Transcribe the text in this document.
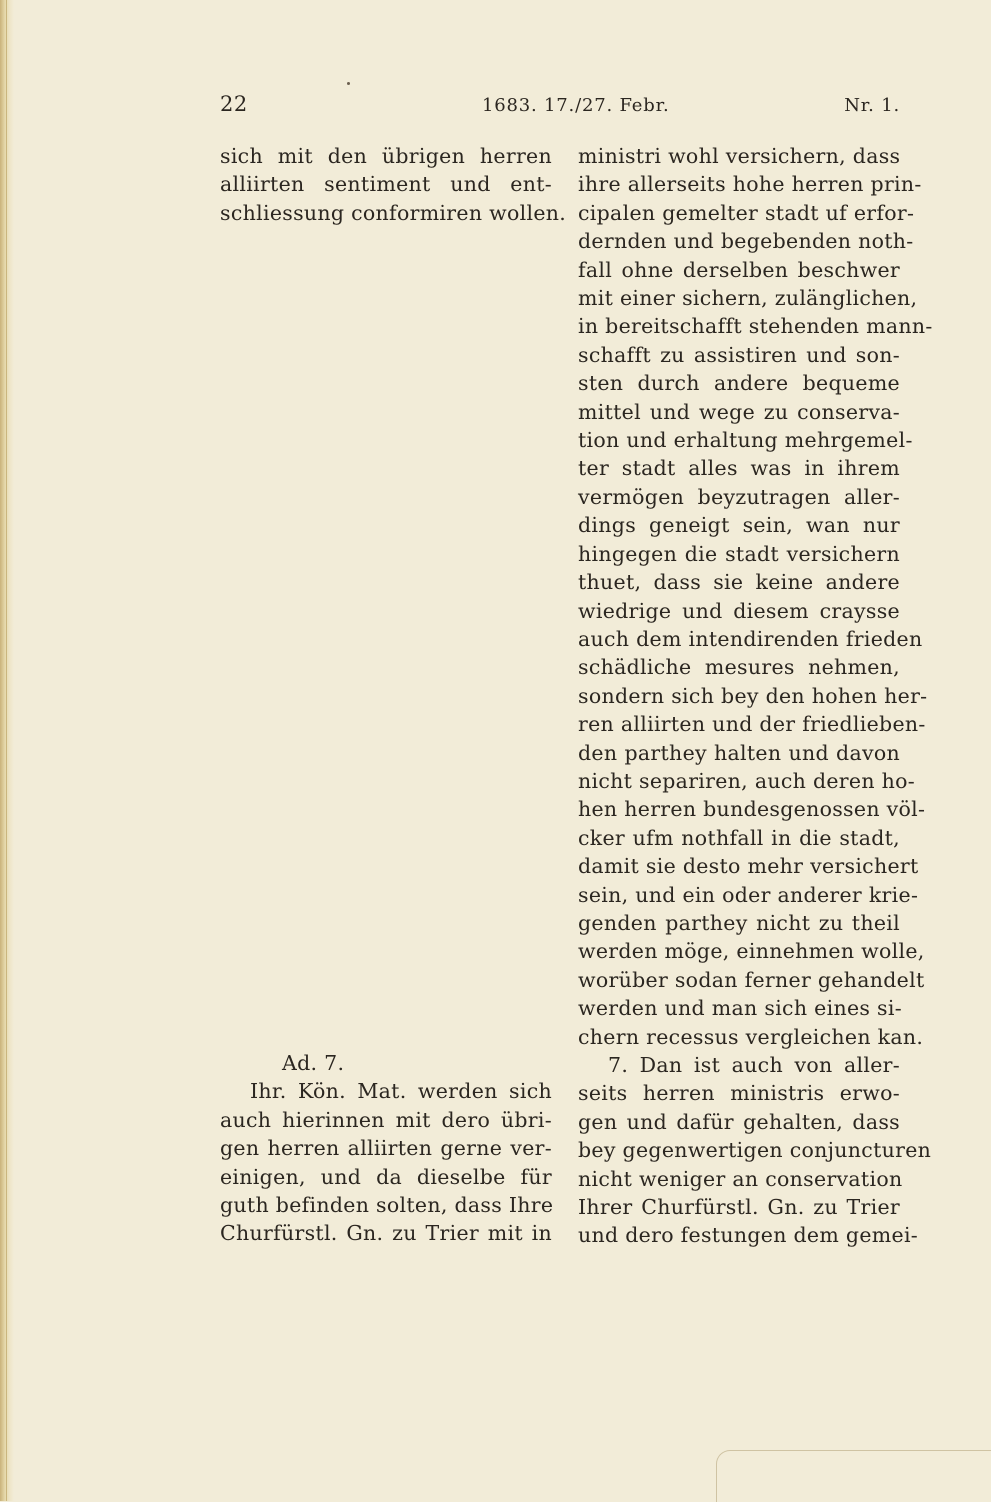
22	1683. 17./27. Febr.	Nr. 1.
sich mit den übrigen herren
alliirten sentiment und ent-
schliessung conformiren wollen.
Ad. 7.
Ihr. Kön. Mat. werden sich
auch hierinnen mit dero übri-
gen herren alliirten gerne ver-
einigen, und da dieselbe für
guth befinden solten, dass Ihre
Churfürstl. Gn. zu Trier mit in
ministri wohl versichern, dass
ihre allerseits hohe herren prin-
cipalen gemelter stadt uf erfor-
dernden und begebenden noth-
fall ohne derselben beschwer
mit einer sichern, zulänglichen,
in bereitschafft stehenden mann-
schafft zu assistiren und son-
sten durch andere bequeme
mittel und wege zu conserva-
tion und erhaltung mehrgemel-
ter stadt alles was in ihrem
vermögen beyzutragen aller-
dings geneigt sein, wan nur
hingegen die stadt versichern
thuet, dass sie keine andere
wiedrige und diesem craysse
auch dem intendirenden frieden
schädliche mesures nehmen,
sondern sich bey den hohen her-
ren alliirten und der friedlieben-
den parthey halten und davon
nicht separiren, auch deren ho-
hen herren bundesgenossen völ-
cker ufm nothfall in die stadt,
damit sie desto mehr versichert
sein, und ein oder anderer krie-
genden parthey nicht zu theil
werden möge, einnehmen wolle,
worüber sodan ferner gehandelt
werden und man sich eines si-
chern recessus vergleichen kan.
7. Dan ist auch von aller-
seits herren ministris erwo-
gen und dafür gehalten, dass
bey gegenwertigen conjuncturen
nicht weniger an conservation
Ihrer Churfürstl. Gn. zu Trier
und dero festungen dem gemei-
